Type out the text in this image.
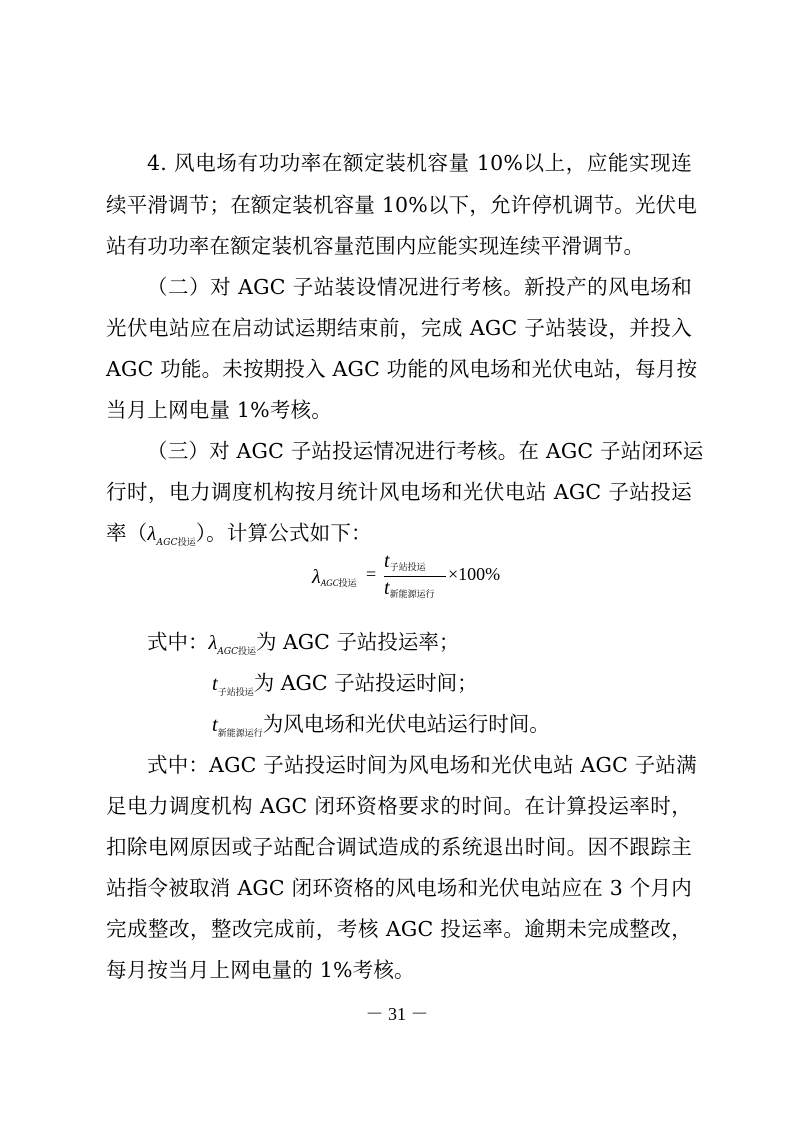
4. 风电场有功功率在额定装机容量 10%以上，应能实现连
续平滑调节；在额定装机容量 10%以下，允许停机调节。光伏电
站有功功率在额定装机容量范围内应能实现连续平滑调节。
（二）对 AGC 子站装设情况进行考核。新投产的风电场和
光伏电站应在启动试运期结束前，完成 AGC 子站装设，并投入
AGC 功能。未按期投入 AGC 功能的风电场和光伏电站，每月按
当月上网电量 1%考核。
（三）对 AGC 子站投运情况进行考核。在 AGC 子站闭环运
行时，电力调度机构按月统计风电场和光伏电站 AGC 子站投运
率$(\lambda_{AGC投运})$。计算公式如下：
λAGC投运 =
t子站投运
t新能源运行
×100%
式中：$\lambda_{AGC投运}$为 AGC 子站投运率；
$t_{子站投运}$为 AGC 子站投运时间；
$t_{新能源运行}$为风电场和光伏电站运行时间。
式中：AGC 子站投运时间为风电场和光伏电站 AGC 子站满
足电力调度机构 AGC 闭环资格要求的时间。在计算投运率时，
扣除电网原因或子站配合调试造成的系统退出时间。因不跟踪主
站指令被取消 AGC 闭环资格的风电场和光伏电站应在 3 个月内
完成整改，整改完成前，考核 AGC 投运率。逾期未完成整改，
每月按当月上网电量的 1%考核。
－ 31 －
